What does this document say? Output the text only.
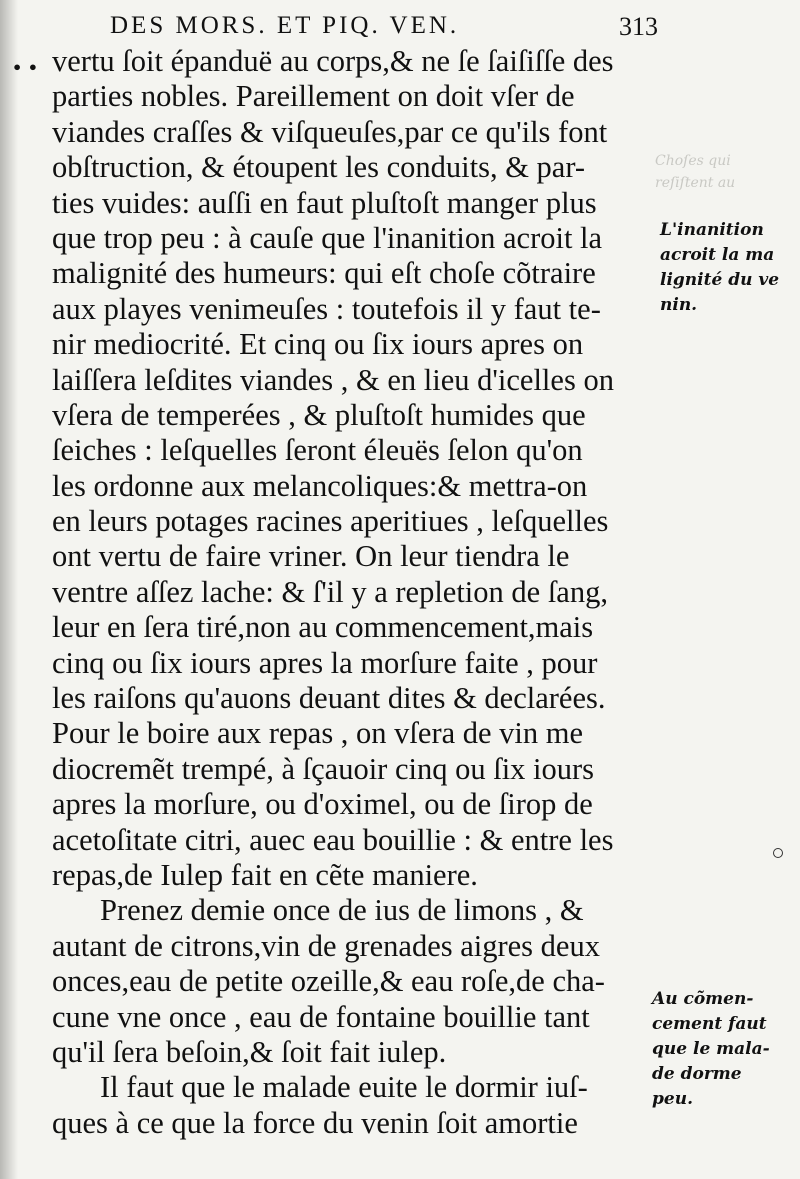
DES MORS. ET PIQ. VEN.	313
• •
Choſes qui
reſiſtent au
vertu ſoit épanduë au corps,& ne ſe ſaiſiſſe des
parties nobles. Pareillement on doit vſer de
viandes craſſes & viſqueuſes,par ce qu'ils font
obſtruction, & étoupent les conduits, & par-
ties vuides: auſſi en faut pluſtoſt manger plus
que trop peu : à cauſe que l'inanition acroit la
malignité des humeurs: qui eſt choſe cõtraire
aux playes venimeuſes : toutefois il y faut te-
nir mediocrité. Et cinq ou ſix iours apres on
laiſſera leſdites viandes , & en lieu d'icelles on
vſera de temperées , & pluſtoſt humides que
ſeiches : leſquelles ſeront éleuës ſelon qu'on
les ordonne aux melancoliques:& mettra-on
en leurs potages racines aperitiues , leſquelles
ont vertu de faire vriner. On leur tiendra le
ventre aſſez lache: & ſ'il y a repletion de ſang,
leur en ſera tiré,non au commencement,mais
cinq ou ſix iours apres la morſure faite , pour
les raiſons qu'auons deuant dites & declarées.
Pour le boire aux repas , on vſera de vin me
diocremẽt trempé, à ſçauoir cinq ou ſix iours
apres la morſure, ou d'oximel, ou de ſirop de
acetoſitate citri, auec eau bouillie : & entre les
repas,de Iulep fait en cẽte maniere.
Prenez demie once de ius de limons , &
autant de citrons,vin de grenades aigres deux
onces,eau de petite ozeille,& eau roſe,de cha-
cune vne once , eau de fontaine bouillie tant
qu'il ſera beſoin,& ſoit fait iulep.
Il faut que le malade euite le dormir iuſ-
ques à ce que la force du venin ſoit amortie
L'inanition
acroit la ma
lignité du ve
nin.
Au cõmen-
cement faut
que le mala-
de dorme
peu.
